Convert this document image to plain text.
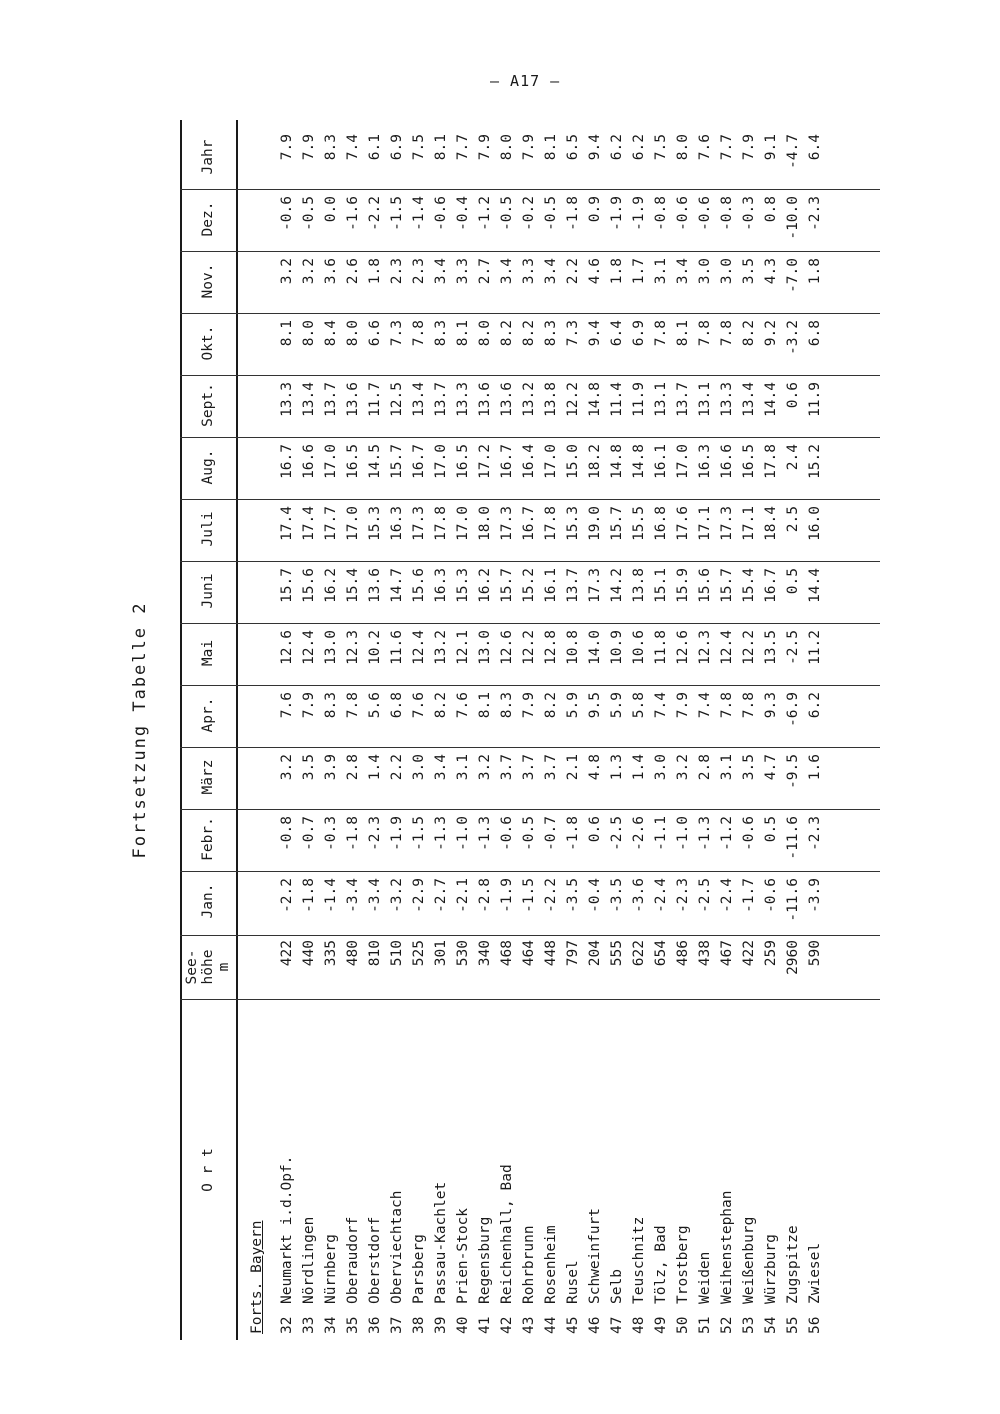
– A17 –
Fortsetzung Tabelle 2
O r t
See- höhe m
Jan.
Febr.
März
Apr.
Mai
Juni
Juli
Aug.
Sept.
Okt.
Nov.
Dez.
Jahr
Forts. Bayern 32
Neumarkt i.d.Opf.
422
-2.2
-0.8
3.2
7.6
12.6
15.7
17.4
16.7
13.3
8.1
3.2
-0.6
7.9
33
Nördlingen
440
-1.8
-0.7
3.5
7.9
12.4
15.6
17.4
16.6
13.4
8.0
3.2
-0.5
7.9
34
Nürnberg
335
-1.4
-0.3
3.9
8.3
13.0
16.2
17.7
17.0
13.7
8.4
3.6
0.0
8.3
35
Oberaudorf
480
-3.4
-1.8
2.8
7.8
12.3
15.4
17.0
16.5
13.6
8.0
2.6
-1.6
7.4
36
Oberstdorf
810
-3.4
-2.3
1.4
5.6
10.2
13.6
15.3
14.5
11.7
6.6
1.8
-2.2
6.1
37
Oberviechtach
510
-3.2
-1.9
2.2
6.8
11.6
14.7
16.3
15.7
12.5
7.3
2.3
-1.5
6.9
38
Parsberg
525
-2.9
-1.5
3.0
7.6
12.4
15.6
17.3
16.7
13.4
7.8
2.3
-1.4
7.5
39
Passau-Kachlet
301
-2.7
-1.3
3.4
8.2
13.2
16.3
17.8
17.0
13.7
8.3
3.4
-0.6
8.1
40
Prien-Stock
530
-2.1
-1.0
3.1
7.6
12.1
15.3
17.0
16.5
13.3
8.1
3.3
-0.4
7.7
41
Regensburg
340
-2.8
-1.3
3.2
8.1
13.0
16.2
18.0
17.2
13.6
8.0
2.7
-1.2
7.9
42
Reichenhall, Bad
468
-1.9
-0.6
3.7
8.3
12.6
15.7
17.3
16.7
13.6
8.2
3.4
-0.5
8.0
43
Rohrbrunn
464
-1.5
-0.5
3.7
7.9
12.2
15.2
16.7
16.4
13.2
8.2
3.3
-0.2
7.9
44
Rosenheim
448
-2.2
-0.7
3.7
8.2
12.8
16.1
17.8
17.0
13.8
8.3
3.4
-0.5
8.1
45
Rusel
797
-3.5
-1.8
2.1
5.9
10.8
13.7
15.3
15.0
12.2
7.3
2.2
-1.8
6.5
46
Schweinfurt
204
-0.4
0.6
4.8
9.5
14.0
17.3
19.0
18.2
14.8
9.4
4.6
0.9
9.4
47
Selb
555
-3.5
-2.5
1.3
5.9
10.9
14.2
15.7
14.8
11.4
6.4
1.8
-1.9
6.2
48
Teuschnitz
622
-3.6
-2.6
1.4
5.8
10.6
13.8
15.5
14.8
11.9
6.9
1.7
-1.9
6.2
49
Tölz, Bad
654
-2.4
-1.1
3.0
7.4
11.8
15.1
16.8
16.1
13.1
7.8
3.1
-0.8
7.5
50
Trostberg
486
-2.3
-1.0
3.2
7.9
12.6
15.9
17.6
17.0
13.7
8.1
3.4
-0.6
8.0
51
Weiden
438
-2.5
-1.3
2.8
7.4
12.3
15.6
17.1
16.3
13.1
7.8
3.0
-0.6
7.6
52
Weihenstephan
467
-2.4
-1.2
3.1
7.8
12.4
15.7
17.3
16.6
13.3
7.8
3.0
-0.8
7.7
53
Weißenburg
422
-1.7
-0.6
3.5
7.8
12.2
15.4
17.1
16.5
13.4
8.2
3.5
-0.3
7.9
54
Würzburg
259
-0.6
0.5
4.7
9.3
13.5
16.7
18.4
17.8
14.4
9.2
4.3
0.8
9.1
55
Zugspitze
2960
-11.6
-11.6
-9.5
-6.9
-2.5
0.5
2.5
2.4
0.6
-3.2
-7.0
-10.0
-4.7
56
Zwiesel
590
-3.9
-2.3
1.6
6.2
11.2
14.4
16.0
15.2
11.9
6.8
1.8
-2.3
6.4
